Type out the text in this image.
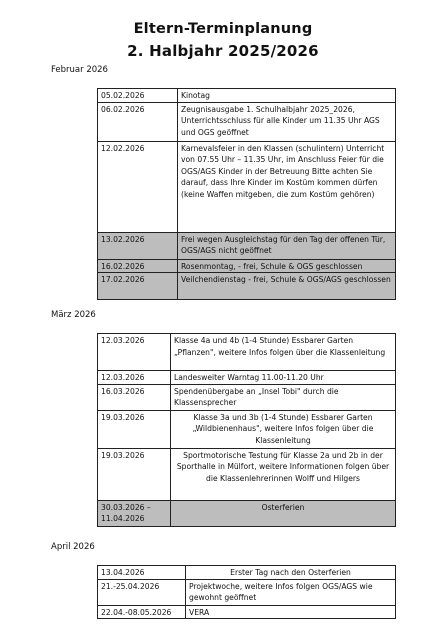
Eltern-Terminplanung
2. Halbjahr 2025/2026
Februar 2026
05.02.2026	Kinotag
06.02.2026	Zeugnisausgabe 1. Schulhalbjahr 2025_2026, Unterrichtsschluss für alle Kinder um 11.35 Uhr AGS und OGS geöffnet
12.02.2026	Karnevalsfeier in den Klassen (schulintern) Unterricht von 07.55 Uhr – 11.35 Uhr, im Anschluss Feier für die OGS/AGS Kinder in der Betreuung Bitte achten Sie darauf, dass Ihre Kinder im Kostüm kommen dürfen (keine Waffen mitgeben, die zum Kostüm gehören)
13.02.2026	Frei wegen Ausgleichstag für den Tag der offenen Tür, OGS/AGS nicht geöffnet
16.02.2026	Rosenmontag, - frei, Schule & OGS geschlossen
17.02.2026	Veilchendienstag - frei, Schule & OGS/AGS geschlossen
März 2026
12.03.2026	Klasse 4a und 4b (1-4 Stunde) Essbarer Garten „Pflanzen", weitere Infos folgen über die Klassenleitung
12.03.2026	Landesweiter Warntag 11.00-11.20 Uhr
16.03.2026	Spendenübergabe an „Insel Tobi" durch die Klassensprecher
19.03.2026	Klasse 3a und 3b (1-4 Stunde) Essbarer Garten „Wildbienenhaus", weitere Infos folgen über die Klassenleitung
19.03.2026	Sportmotorische Testung für Klasse 2a und 2b in der Sporthalle in Mülfort, weitere Informationen folgen über die Klassenlehrerinnen Wolff und Hilgers
30.03.2026 – 11.04.2026	Osterferien
April 2026
13.04.2026	Erster Tag nach den Osterferien
21.-25.04.2026	Projektwoche, weitere Infos folgen OGS/AGS wie gewohnt geöffnet
22.04.-08.05.2026	VERA
